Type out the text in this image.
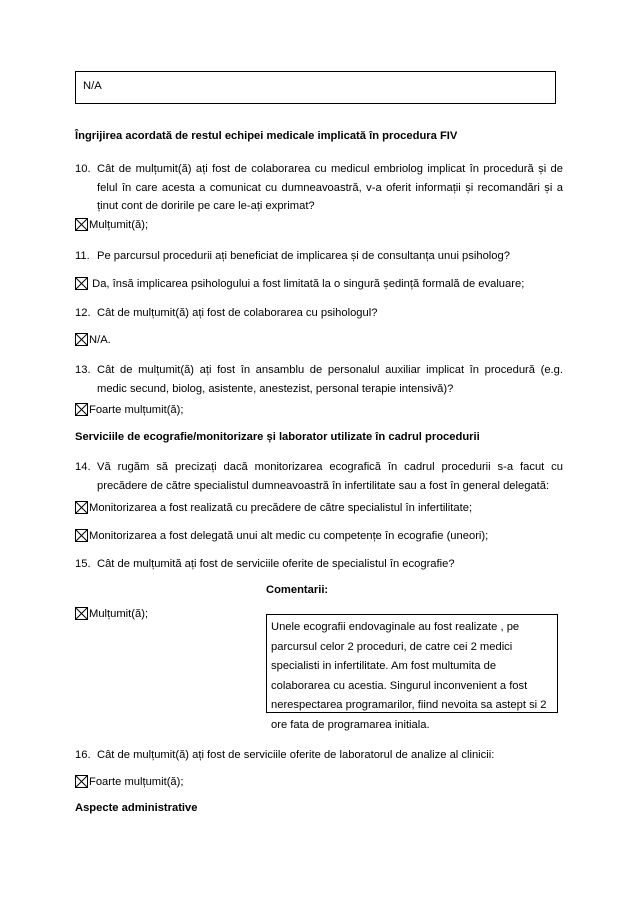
N/A
Îngrijirea acordată de restul echipei medicale implicată în procedura FIV
10. Cât de mulțumit(ă) ați fost de colaborarea cu medicul embriolog implicat în procedură și de felul în care acesta a comunicat cu dumneavoastră, v-a oferit informații și recomandări și a ținut cont de doririle pe care le-ați exprimat?
Mulțumit(ă);
11. Pe parcursul procedurii ați beneficiat de implicarea și de consultanța unui psiholog?
Da, însă implicarea psihologului a fost limitată la o singură ședință formală de evaluare;
12. Cât de mulțumit(ă) ați fost de colaborarea cu psihologul?
N/A.
13. Cât de mulțumit(ă) ați fost în ansamblu de personalul auxiliar implicat în procedură (e.g. medic secund, biolog, asistente, anestezist, personal terapie intensivă)?
Foarte mulțumit(ă);
Serviciile de ecografie/monitorizare și laborator utilizate în cadrul procedurii
14. Vă rugăm să precizați dacă monitorizarea ecografică în cadrul procedurii s-a facut cu precădere de către specialistul dumneavoastră în infertilitate sau a fost în general delegată:
Monitorizarea a fost realizată cu precădere de către specialistul în infertilitate;
Monitorizarea a fost delegată unui alt medic cu competențe în ecografie (uneori);
15. Cât de mulțumită ați fost de serviciile oferite de specialistul în ecografie?
Comentarii:
Mulțumit(ă);
Unele ecografii endovaginale au fost realizate , pe parcursul celor 2 proceduri, de catre cei 2 medici specialisti in infertilitate. Am fost multumita de colaborarea cu acestia. Singurul inconvenient a fost nerespectarea programarilor, fiind nevoita sa astept si 2 ore fata de programarea initiala.
16. Cât de mulțumit(ă) ați fost de serviciile oferite de laboratorul de analize al clinicii:
Foarte mulțumit(ă);
Aspecte administrative
